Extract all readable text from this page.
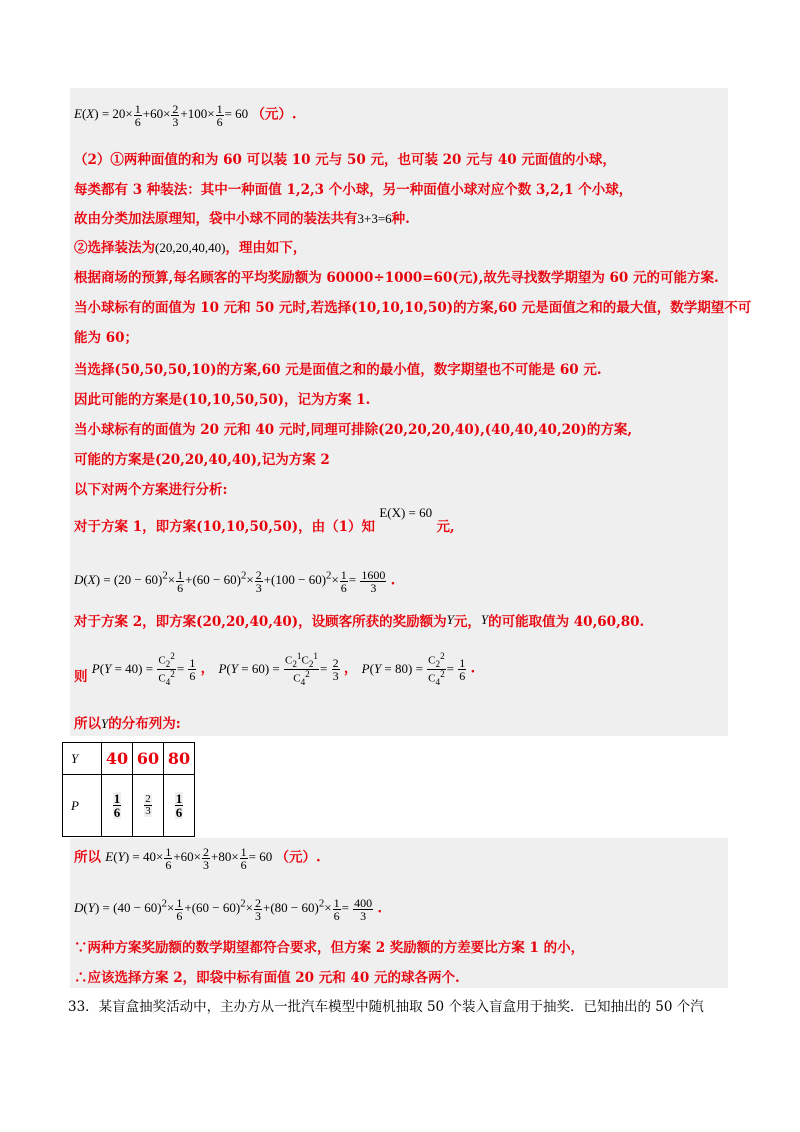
$E(X) = 20\times \frac{1}{6} +60\times \frac{2}{3} +100\times \frac{1}{6} = 60$ （元）.
（2）①两种面值的和为 60 可以装 10 元与 50 元，也可装 20 元与 40 元面值的小球，
每类都有 3 种装法：其中一种面值 1,2,3 个小球，另一种面值小球对应个数 3,2,1 个小球，
故由分类加法原理知，袋中小球不同的装法共有3+3=6种.
②选择装法为(20,20,40,40)，理由如下，
根据商场的预算,每名顾客的平均奖励额为 60000÷1000=60(元),故先寻找数学期望为 60 元的可能方案.
当小球标有的面值为 10 元和 50 元时,若选择(10,10,10,50)的方案,60 元是面值之和的最大值，数学期望不可
能为 60；
当选择(50,50,50,10)的方案,60 元是面值之和的最小值，数字期望也不可能是 60 元.
因此可能的方案是(10,10,50,50)，记为方案 1.
当小球标有的面值为 20 元和 40 元时,同理可排除(20,20,20,40),(40,40,40,20)的方案,
可能的方案是(20,20,40,40),记为方案 2
以下对两个方案进行分析:
对于方案 1，即方案(10,10,50,50)，由（1）知 E(X) = 60 元,
$D(X) = (20 - 60)^2\times \frac{1}{6} +(60 - 60)^2\times \frac{2}{3} +(100 - 60)^2\times \frac{1}{6} = \frac{1600}{3}$ .
对于方案 2，即方案(20,20,40,40)，设顾客所获的奖励额为Y元，Y的可能取值为 40,60,80.
则 $P(Y = 40) = \frac{C_2^2}{C_4^2} = \frac{1}{6}$ ， $P(Y = 60) = \frac{C_2^1C_2^1}{C_4^2} = \frac{2}{3}$ ， $P(Y = 80) = \frac{C_2^2}{C_4^2} = \frac{1}{6}$ .
所以Y的分布列为:
Y	40	60	80
P	$\frac{1}{6}$	$\frac{2}{3}$	$\frac{1}{6}$
所以 $E(Y) = 40\times \frac{1}{6} +60\times \frac{2}{3} +80\times \frac{1}{6} = 60$ （元）.
$D(Y) = (40 - 60)^2\times \frac{1}{6} +(60 - 60)^2\times \frac{2}{3} +(80 - 60)^2\times \frac{1}{6} = \frac{400}{3}$ .
∵两种方案奖励额的数学期望都符合要求，但方案 2 奖励额的方差要比方案 1 的小，
∴应该选择方案 2，即袋中标有面值 20 元和 40 元的球各两个.
33．某盲盒抽奖活动中，主办方从一批汽车模型中随机抽取 50 个装入盲盒用于抽奖．已知抽出的 50 个汽
